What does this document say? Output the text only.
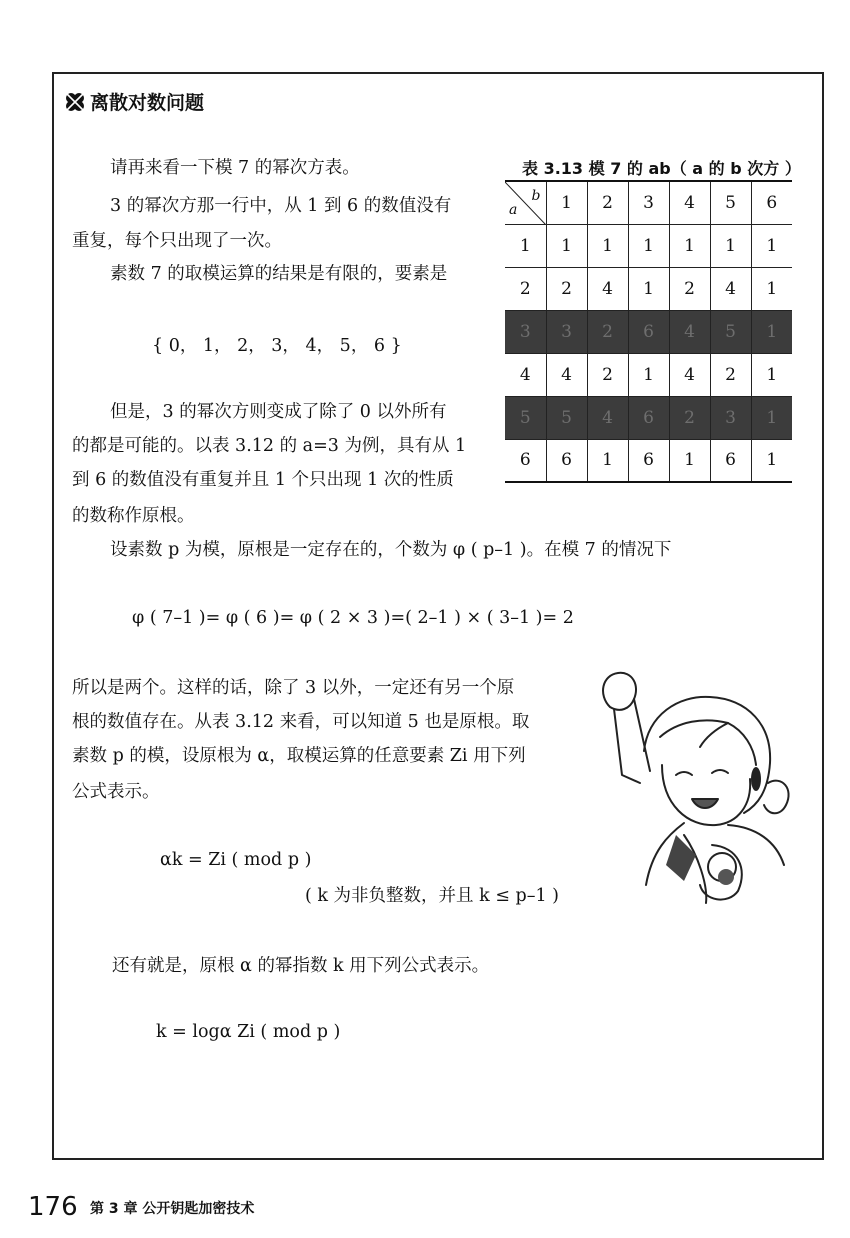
离散对数问题
请再来看一下模 7 的幂次方表。
3 的幂次方那一行中，从 1 到 6 的数值没有
重复，每个只出现了一次。
素数 7 的取模运算的结果是有限的，要素是
{ 0， 1， 2， 3， 4， 5， 6 }
但是，3 的幂次方则变成了除了 0 以外所有
的都是可能的。以表 3.12 的 a=3 为例，具有从 1
到 6 的数值没有重复并且 1 个只出现 1 次的性质
的数称作原根。
设素数 p 为模，原根是一定存在的，个数为 φ ( p–1 )。在模 7 的情况下
φ ( 7–1 )= φ ( 6 )= φ ( 2 × 3 )=( 2–1 ) × ( 3–1 )= 2
所以是两个。这样的话，除了 3 以外，一定还有另一个原
根的数值存在。从表 3.12 来看，可以知道 5 也是原根。取
素数 p 的模，设原根为 α，取模运算的任意要素 Zi 用下列
公式表示。
αk = Zi ( mod p )
( k 为非负整数，并且 k ≤ p–1 )
还有就是，原根 α 的幂指数 k 用下列公式表示。
k = logα Zi ( mod p )
表 3.13 模 7 的 ab（ a 的 b 次方 ）
a
b	1	2	3	4	5	6
1	1	1	1	1	1	1
2	2	4	1	2	4	1
3	3	2	6	4	5	1
4	4	2	1	4	2	1
5	5	4	6	2	3	1
6	6	1	6	1	6	1
176 第 3 章 公开钥匙加密技术
